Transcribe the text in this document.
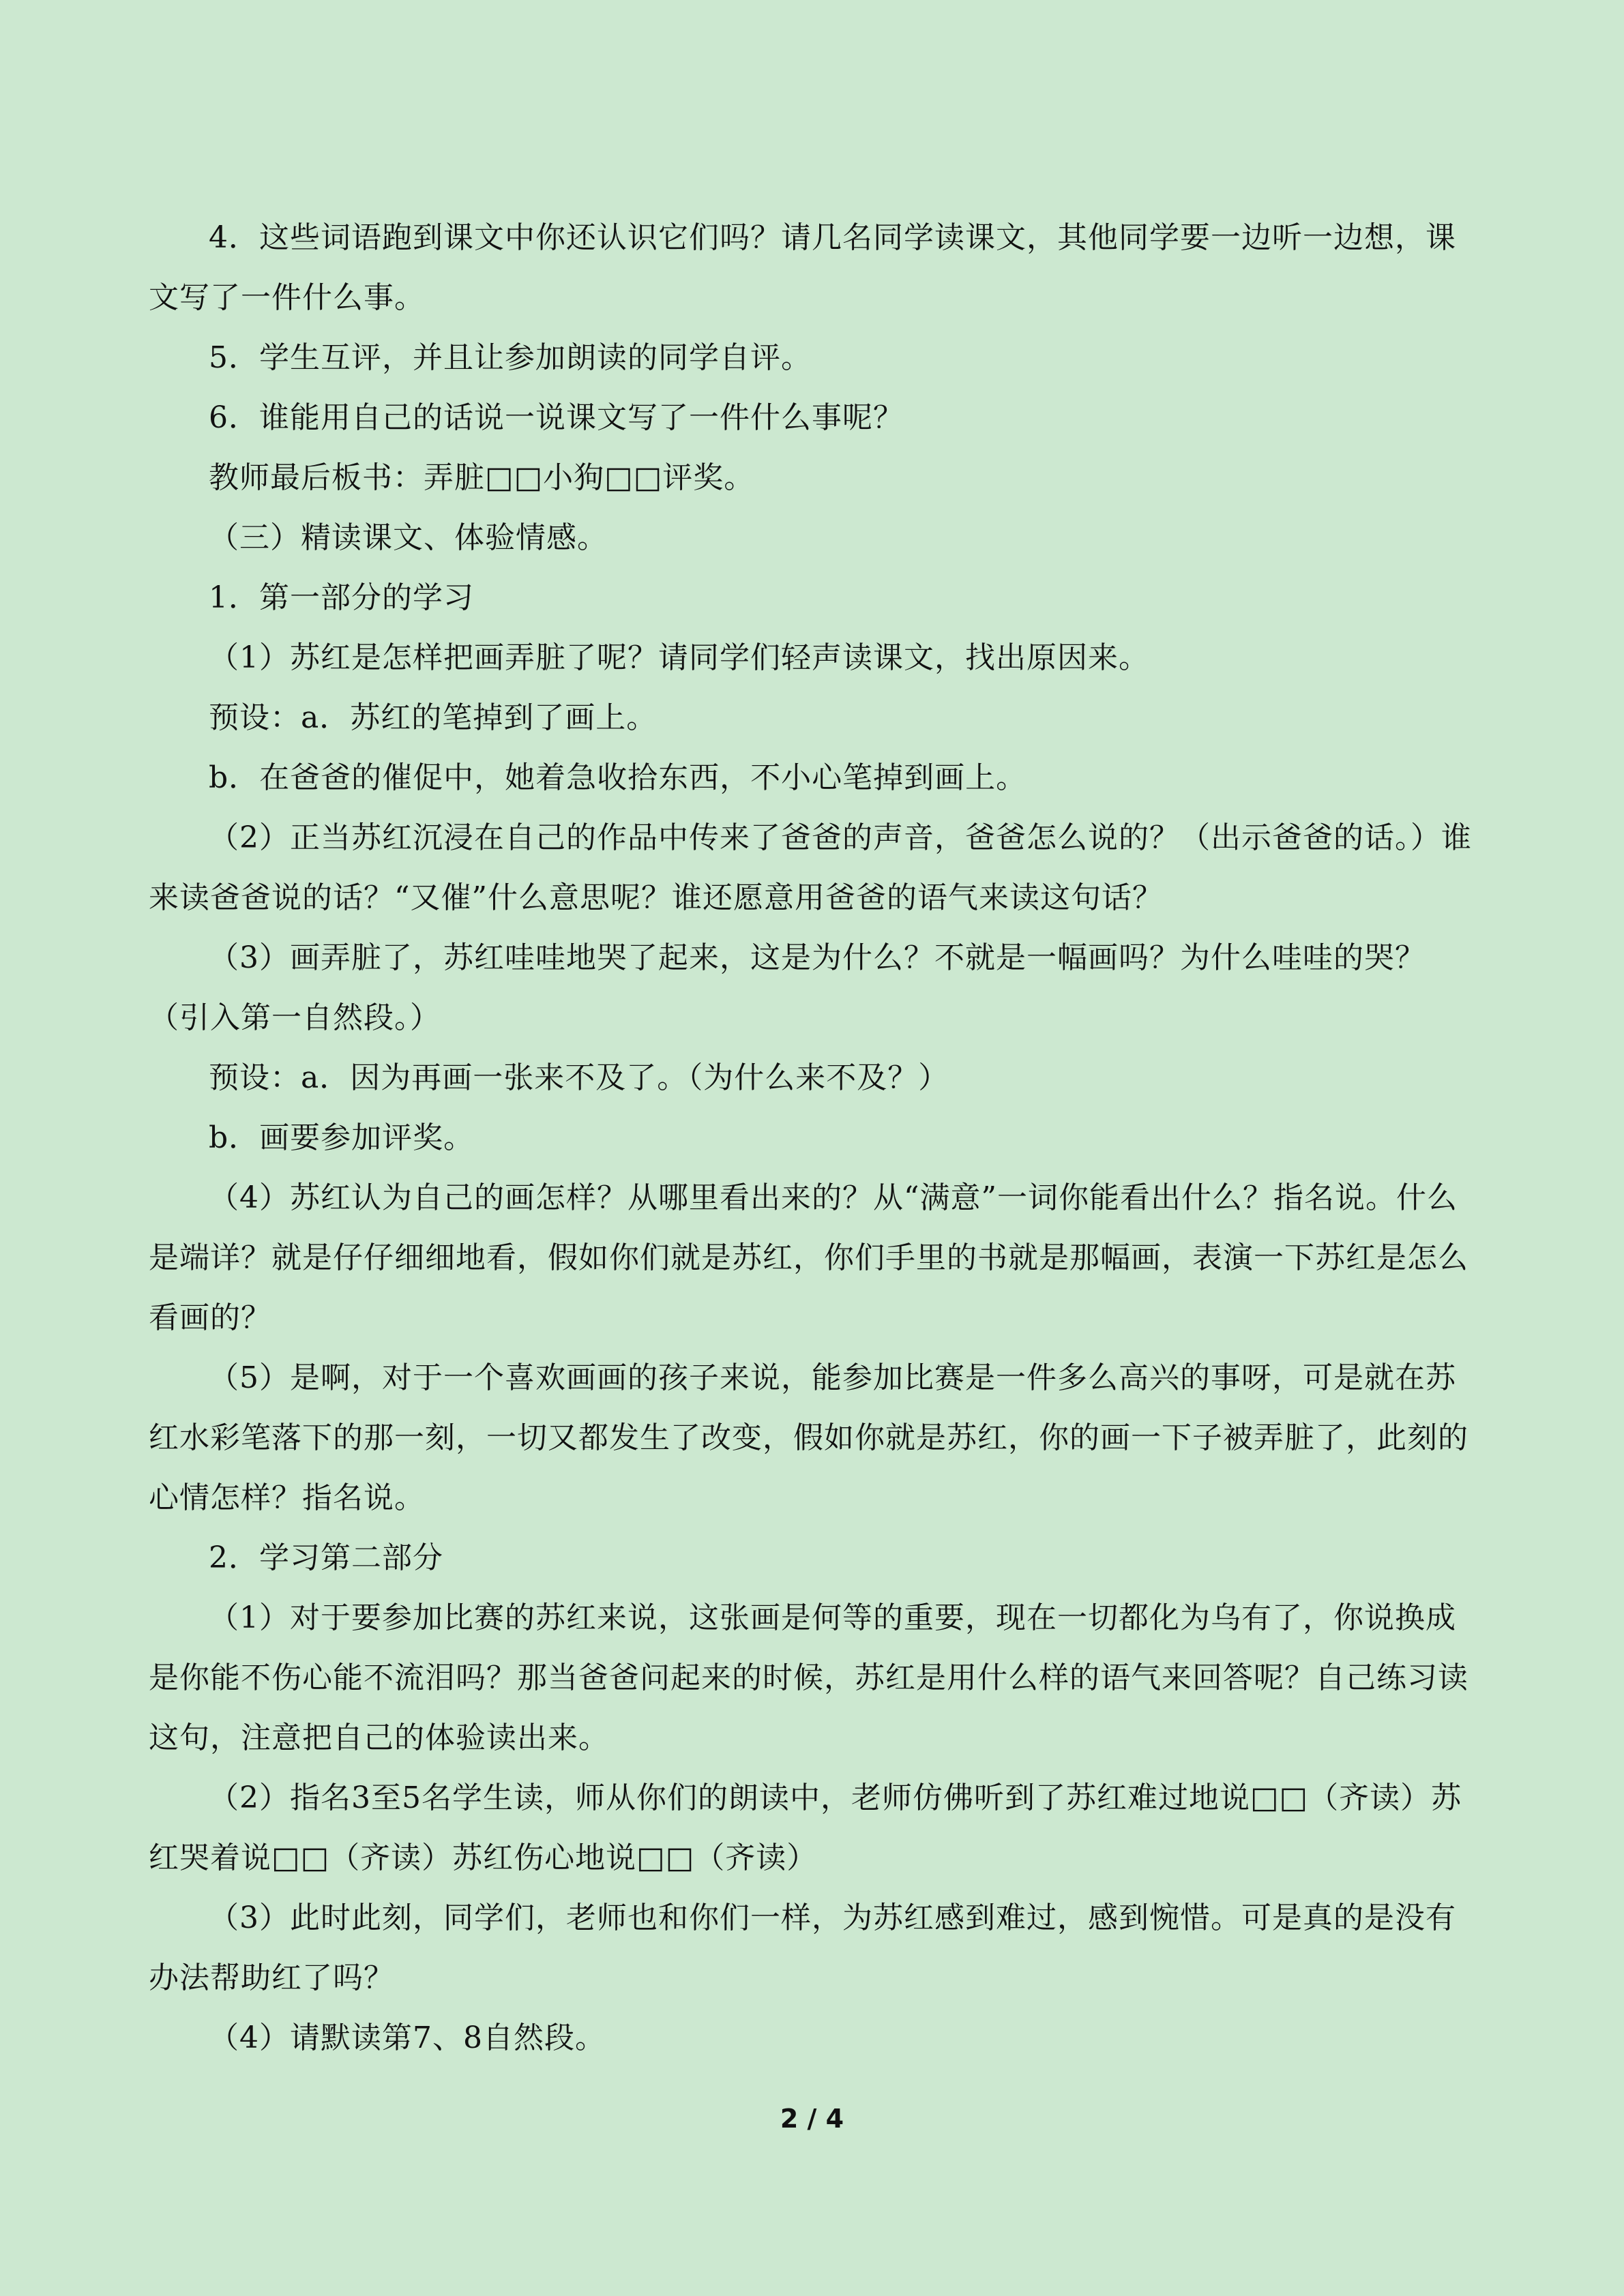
4．这些词语跑到课文中你还认识它们吗？请几名同学读课文，其他同学要一边听一边想，课文写了一件什么事。

5．学生互评，并且让参加朗读的同学自评。

6．谁能用自己的话说一说课文写了一件什么事呢？

教师最后板书：弄脏□□小狗□□评奖。

（三）精读课文、体验情感。

1．第一部分的学习

（1）苏红是怎样把画弄脏了呢？请同学们轻声读课文，找出原因来。

预设：a．苏红的笔掉到了画上。

b．在爸爸的催促中，她着急收拾东西，不小心笔掉到画上。

（2）正当苏红沉浸在自己的作品中传来了爸爸的声音，爸爸怎么说的？（出示爸爸的话。）谁来读爸爸说的话？“又催”什么意思呢？谁还愿意用爸爸的语气来读这句话？

（3）画弄脏了，苏红哇哇地哭了起来，这是为什么？不就是一幅画吗？为什么哇哇的哭？（引入第一自然段。）

预设：a．因为再画一张来不及了。（为什么来不及？）

b．画要参加评奖。

（4）苏红认为自己的画怎样？从哪里看出来的？从“满意”一词你能看出什么？指名说。什么是端详？就是仔仔细细地看，假如你们就是苏红，你们手里的书就是那幅画，表演一下苏红是怎么看画的？

（5）是啊，对于一个喜欢画画的孩子来说，能参加比赛是一件多么高兴的事呀，可是就在苏红水彩笔落下的那一刻，一切又都发生了改变，假如你就是苏红，你的画一下子被弄脏了，此刻的心情怎样？指名说。

2．学习第二部分

（1）对于要参加比赛的苏红来说，这张画是何等的重要，现在一切都化为乌有了，你说换成是你能不伤心能不流泪吗？那当爸爸问起来的时候，苏红是用什么样的语气来回答呢？自己练习读这句，注意把自己的体验读出来。

（2）指名3至5名学生读，师从你们的朗读中，老师仿佛听到了苏红难过地说□□（齐读）苏红哭着说□□（齐读）苏红伤心地说□□（齐读）

（3）此时此刻，同学们，老师也和你们一样，为苏红感到难过，感到惋惜。可是真的是没有办法帮助红了吗？

（4）请默读第7、8自然段。

2 / 4
